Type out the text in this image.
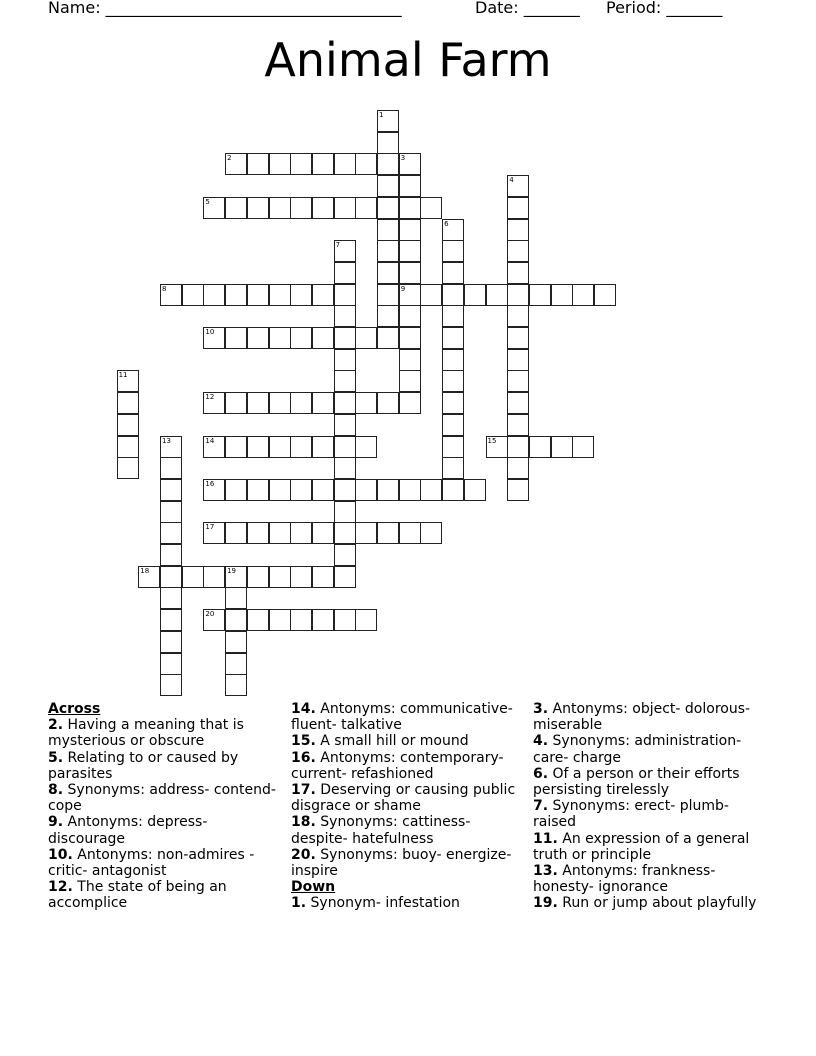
Name: _____________________________________	Date: _______ Period: _______
Animal Farm
1
2	3
9
4
5
6
7
8
10
11
12
13	14	15
16
17
18	19
20

Across

2. Having a meaning that is mysterious or obscure

5. Relating to or caused by parasites

8. Synonyms: address- contend- cope

9. Antonyms: depress- discourage

10. Antonyms: non-admires - critic- antagonist

12. The state of being an accomplice

14. Antonyms: communicative- fluent- talkative

15. A small hill or mound

16. Antonyms: contemporary- current- refashioned

17. Deserving or causing public disgrace or shame

18. Synonyms: cattiness- despite- hatefulness

20. Synonyms: buoy- energize- inspire

Down

1. Synonym- infestation

3. Antonyms: object- dolorous- miserable

4. Synonyms: administration- care- charge

6. Of a person or their efforts persisting tirelessly

7. Synonyms: erect- plumb- raised

11. An expression of a general truth or principle

13. Antonyms: frankness- honesty- ignorance

19. Run or jump about playfully
